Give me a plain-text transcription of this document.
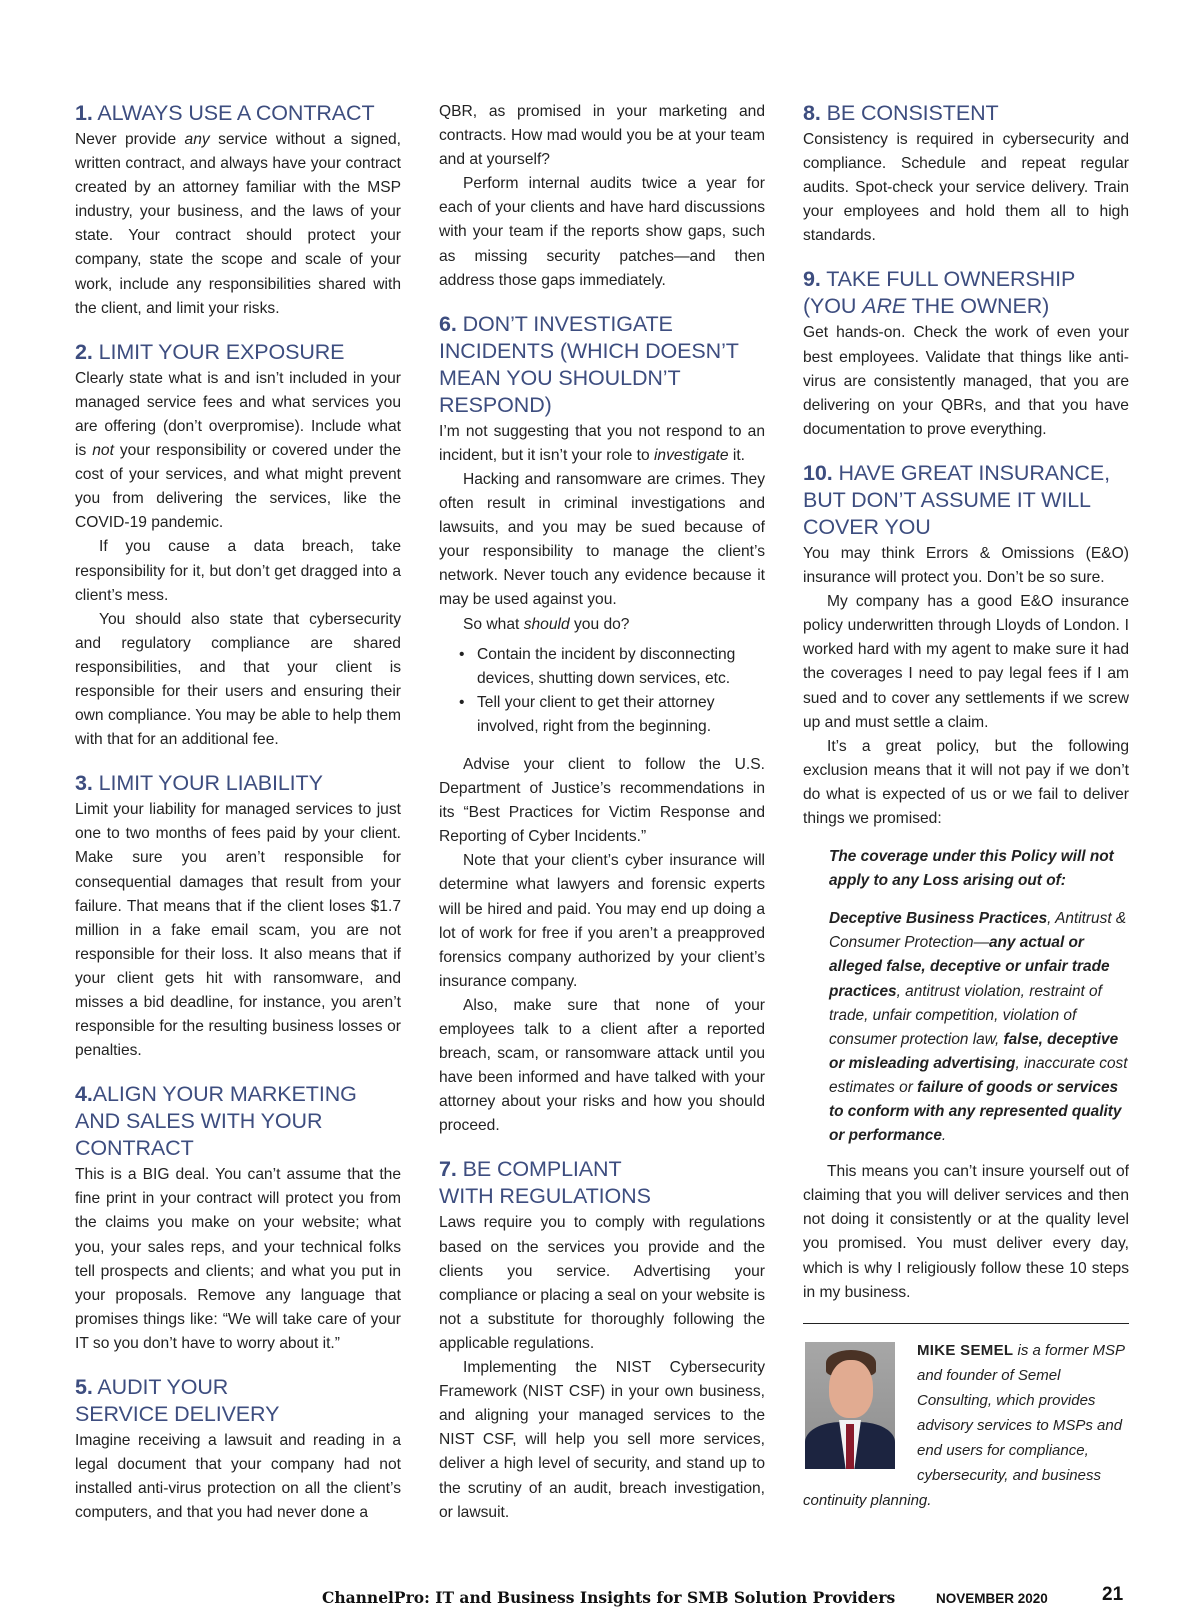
1. ALWAYS USE A CONTRACT

Never provide any service without a signed, written contract, and always have your contract created by an attorney familiar with the MSP industry, your business, and the laws of your state. Your contract should protect your company, state the scope and scale of your work, include any responsibilities shared with the client, and limit your risks.

2. LIMIT YOUR EXPOSURE

Clearly state what is and isn’t included in your managed service fees and what services you are offering (don’t overpromise). Include what is not your responsibility or covered under the cost of your services, and what might prevent you from delivering the services, like the COVID-19 pandemic.

If you cause a data breach, take responsibility for it, but don’t get dragged into a client’s mess.

You should also state that cybersecurity and regulatory compliance are shared responsibilities, and that your client is responsible for their users and ensuring their own compliance. You may be able to help them with that for an additional fee.

3. LIMIT YOUR LIABILITY

Limit your liability for managed services to just one to two months of fees paid by your client. Make sure you aren’t responsible for consequential damages that result from your failure. That means that if the client loses $1.7 million in a fake email scam, you are not responsible for their loss. It also means that if your client gets hit with ransomware, and misses a bid deadline, for instance, you aren’t responsible for the resulting business losses or penalties.

4.ALIGN YOUR MARKETING AND SALES WITH YOUR CONTRACT

This is a BIG deal. You can’t assume that the fine print in your contract will protect you from the claims you make on your website; what you, your sales reps, and your technical folks tell prospects and clients; and what you put in your proposals. Remove any language that promises things like: “We will take care of your IT so you don’t have to worry about it.”

5. AUDIT YOUR
SERVICE DELIVERY

Imagine receiving a lawsuit and reading in a legal document that your company had not installed anti-virus protection on all the client’s computers, and that you had never done a

QBR, as promised in your marketing and contracts. How mad would you be at your team and at yourself?

Perform internal audits twice a year for each of your clients and have hard discussions with your team if the reports show gaps, such as missing security patches—and then address those gaps immediately.

6. DON’T INVESTIGATE INCIDENTS (WHICH DOESN’T MEAN YOU SHOULDN’T RESPOND)

I’m not suggesting that you not respond to an incident, but it isn’t your role to investigate it.

Hacking and ransomware are crimes. They often result in criminal investigations and lawsuits, and you may be sued because of your responsibility to manage the client’s network. Never touch any evidence because it may be used against you.

So what should you do?

• Contain the incident by disconnecting devices, shutting down services, etc.
• Tell your client to get their attorney involved, right from the beginning.

Advise your client to follow the U.S. Department of Justice’s recommendations in its “Best Practices for Victim Response and Reporting of Cyber Incidents.”

Note that your client’s cyber insurance will determine what lawyers and forensic experts will be hired and paid. You may end up doing a lot of work for free if you aren’t a preapproved forensics company authorized by your client’s insurance company.

Also, make sure that none of your employees talk to a client after a reported breach, scam, or ransomware attack until you have been informed and have talked with your attorney about your risks and how you should proceed.

7. BE COMPLIANT
WITH REGULATIONS

Laws require you to comply with regulations based on the services you provide and the clients you service. Advertising your compliance or placing a seal on your website is not a substitute for thoroughly following the applicable regulations.

Implementing the NIST Cybersecurity Framework (NIST CSF) in your own business, and aligning your managed services to the NIST CSF, will help you sell more services, deliver a high level of security, and stand up to the scrutiny of an audit, breach investigation, or lawsuit.

8. BE CONSISTENT

Consistency is required in cybersecurity and compliance. Schedule and repeat regular audits. Spot-check your service delivery. Train your employees and hold them all to high standards.

9. TAKE FULL OWNERSHIP (YOU ARE THE OWNER)

Get hands-on. Check the work of even your best employees. Validate that things like anti-virus are consistently managed, that you are delivering on your QBRs, and that you have documentation to prove everything.

10. HAVE GREAT INSURANCE, BUT DON’T ASSUME IT WILL COVER YOU

You may think Errors & Omissions (E&O) insurance will protect you. Don’t be so sure.

My company has a good E&O insurance policy underwritten through Lloyds of London. I worked hard with my agent to make sure it had the coverages I need to pay legal fees if I am sued and to cover any settlements if we screw up and must settle a claim.

It’s a great policy, but the following exclusion means that it will not pay if we don’t do what is expected of us or we fail to deliver things we promised:

The coverage under this Policy will not apply to any Loss arising out of:

Deceptive Business Practices, Antitrust & Consumer Protection—any actual or alleged false, deceptive or unfair trade practices, antitrust violation, restraint of trade, unfair competition, violation of consumer protection law, false, deceptive or misleading advertising, inaccurate cost estimates or failure of goods or services to conform with any represented quality or performance.

This means you can’t insure yourself out of claiming that you will deliver services and then not doing it consistently or at the quality level you promised. You must deliver every day, which is why I religiously follow these 10 steps in my business.

MIKE SEMEL is a former MSP and founder of Semel Consulting, which provides advisory services to MSPs and end users for compliance, cybersecurity, and business continuity planning.
ChannelPro: IT and Business Insights for SMB Solution Providers	NOVEMBER 2020	21
